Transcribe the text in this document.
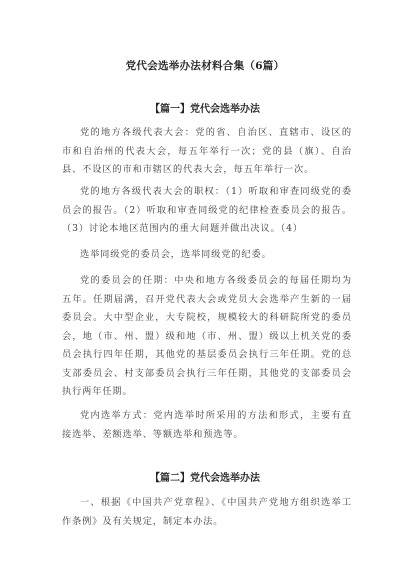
党代会选举办法材料合集（6篇）
【篇一】党代会选举办法

党的地方各级代表大会：党的省、自治区、直辖市、设区的市和自治州的代表大会，每五年举行一次；党的县（旗）、自治县、不设区的市和市辖区的代表大会，每五年举行一次。

党的地方各级代表大会的职权：（1）听取和审查同级党的委员会的报告。（2）听取和审查同级党的纪律检查委员会的报告。（3）讨论本地区范围内的重大问题并做出决议。（4）

选举同级党的委员会，选举同级党的纪委。

党的委员会的任期：中央和地方各级委员会的每届任期均为五年。任期届满，召开党代表大会或党员大会选举产生新的一届委员会。大中型企业，大专院校，规模较大的科研院所党的委员会，地（市、州、盟）级和地（市、州、盟）级以上机关党的委员会执行四年任期，其他党的基层委员会执行三年任期。党的总支部委员会、村支部委员会执行三年任期，其他党的支部委员会执行两年任期。

党内选举方式：党内选举时所采用的方法和形式，主要有直接选举、差额选举、等额选举和预选等。

【篇二】党代会选举办法

一、根据《中国共产党章程》、《中国共产党地方组织选举工作条例》及有关规定，制定本办法。
